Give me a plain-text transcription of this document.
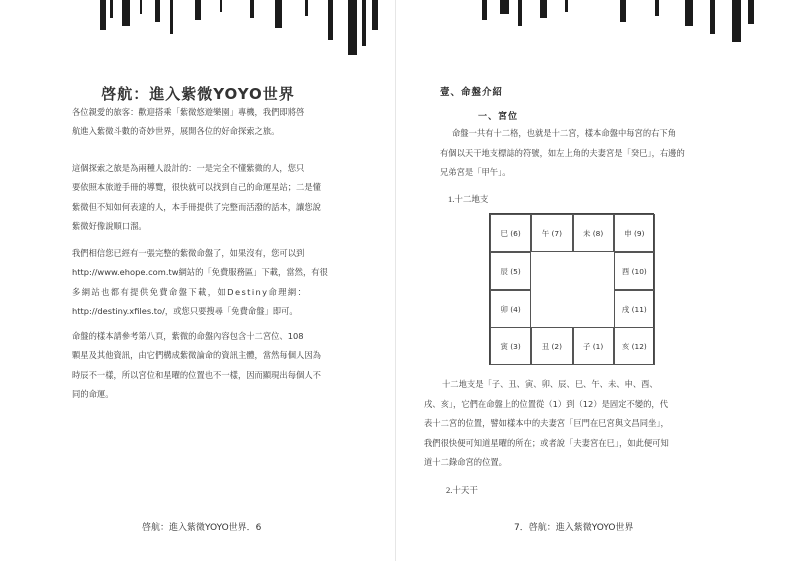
啓航：進入紫微YOYO世界

各位親愛的旅客：歡迎搭乘「紫微悠遊樂園」專機，我們即將啓
航進入紫微斗數的奇妙世界，展開各位的好命探索之旅。

這個探索之旅是為兩種人設計的：一是完全不懂紫微的人，您只
要依照本旅遊手冊的導覽，很快就可以找到自己的命運星站；二是懂
紫微但不知如何表達的人，本手冊提供了完整而活潑的話本，讓您說
紫微好像說順口溜。

我們相信您已經有一張完整的紫微命盤了，如果沒有，您可以到
http://www.ehope.com.tw網站的「免費服務區」下載，當然，有很
多網站也都有提供免費命盤下載，如Destiny命理網：
http://destiny.xfiles.to/，或您只要搜尋「免費命盤」即可。

命盤的樣本請參考第八頁，紫微的命盤內容包含十二宮位、108
顆星及其他資訊，由它們構成紫微論命的資訊主體，當然每個人因為
時辰不一樣，所以宮位和星曜的位置也不一樣，因而顯現出每個人不
同的命運。

啓航：進入紫微YOYO世界．6
壹、命盤介紹
一、宮位

命盤一共有十二格，也就是十二宮，樣本命盤中每宮的右下角
有個以天干地支標誌的符號，如左上角的夫妻宮是「癸巳」，右邊的
兄弟宮是「甲午」。

1.十二地支
巳 (6)	午 (7)	未 (8)	申 (9)
辰 (5)	酉 (10)
卯 (4)	戌 (11)
寅 (3)	丑 (2)	子 (1)	亥 (12)

十二地支是「子、丑、寅、卯、辰、巳、午、未、申、酉、
戌、亥」，它們在命盤上的位置從（1）到（12）是固定不變的，代
表十二宮的位置，譬如樣本中的夫妻宮「巨門在巳宮與文昌同坐」，
我們很快便可知道星曜的所在；或者說「夫妻宮在巳」，如此便可知
道十二錄命宮的位置。

2.十天干
7．啓航：進入紫微YOYO世界
